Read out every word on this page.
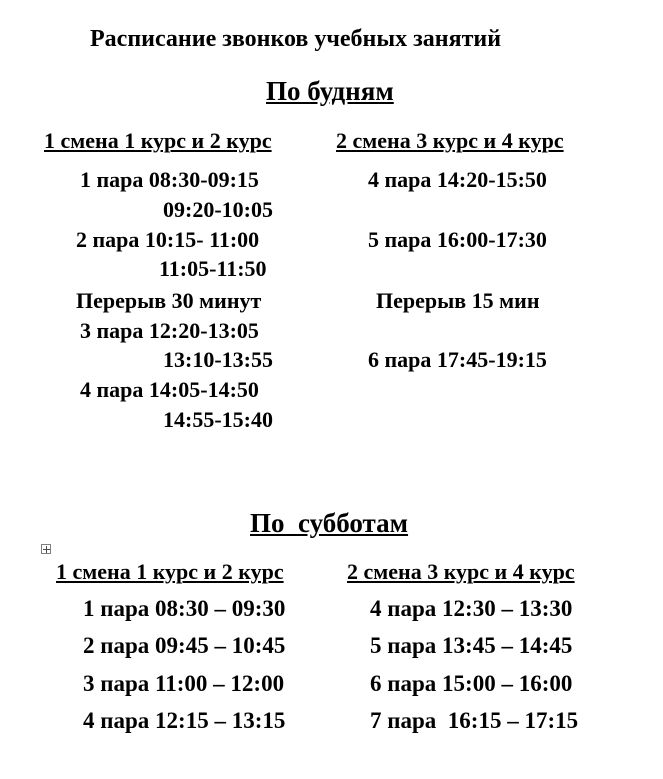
Расписание звонков учебных занятий
По будням
1 смена 1 курс и 2 курс	2 смена 3 курс и 4 курс
1 пара 08:30-09:15
09:20-10:05
2 пара 10:15- 11:00
11:05-11:50
Перерыв 30 минут
3 пара 12:20-13:05
13:10-13:55
4 пара 14:05-14:50
14:55-15:40
4 пара 14:20-15:50
5 пара 16:00-17:30
Перерыв 15 мин
6 пара 17:45-19:15
По  субботам
1 смена 1 курс и 2 курс	2 смена 3 курс и 4 курс
1 пара 08:30 – 09:30
2 пара 09:45 – 10:45
3 пара 11:00 – 12:00
4 пара 12:15 – 13:15
4 пара 12:30 – 13:30
5 пара 13:45 – 14:45
6 пара 15:00 – 16:00
7 пара  16:15 – 17:15
